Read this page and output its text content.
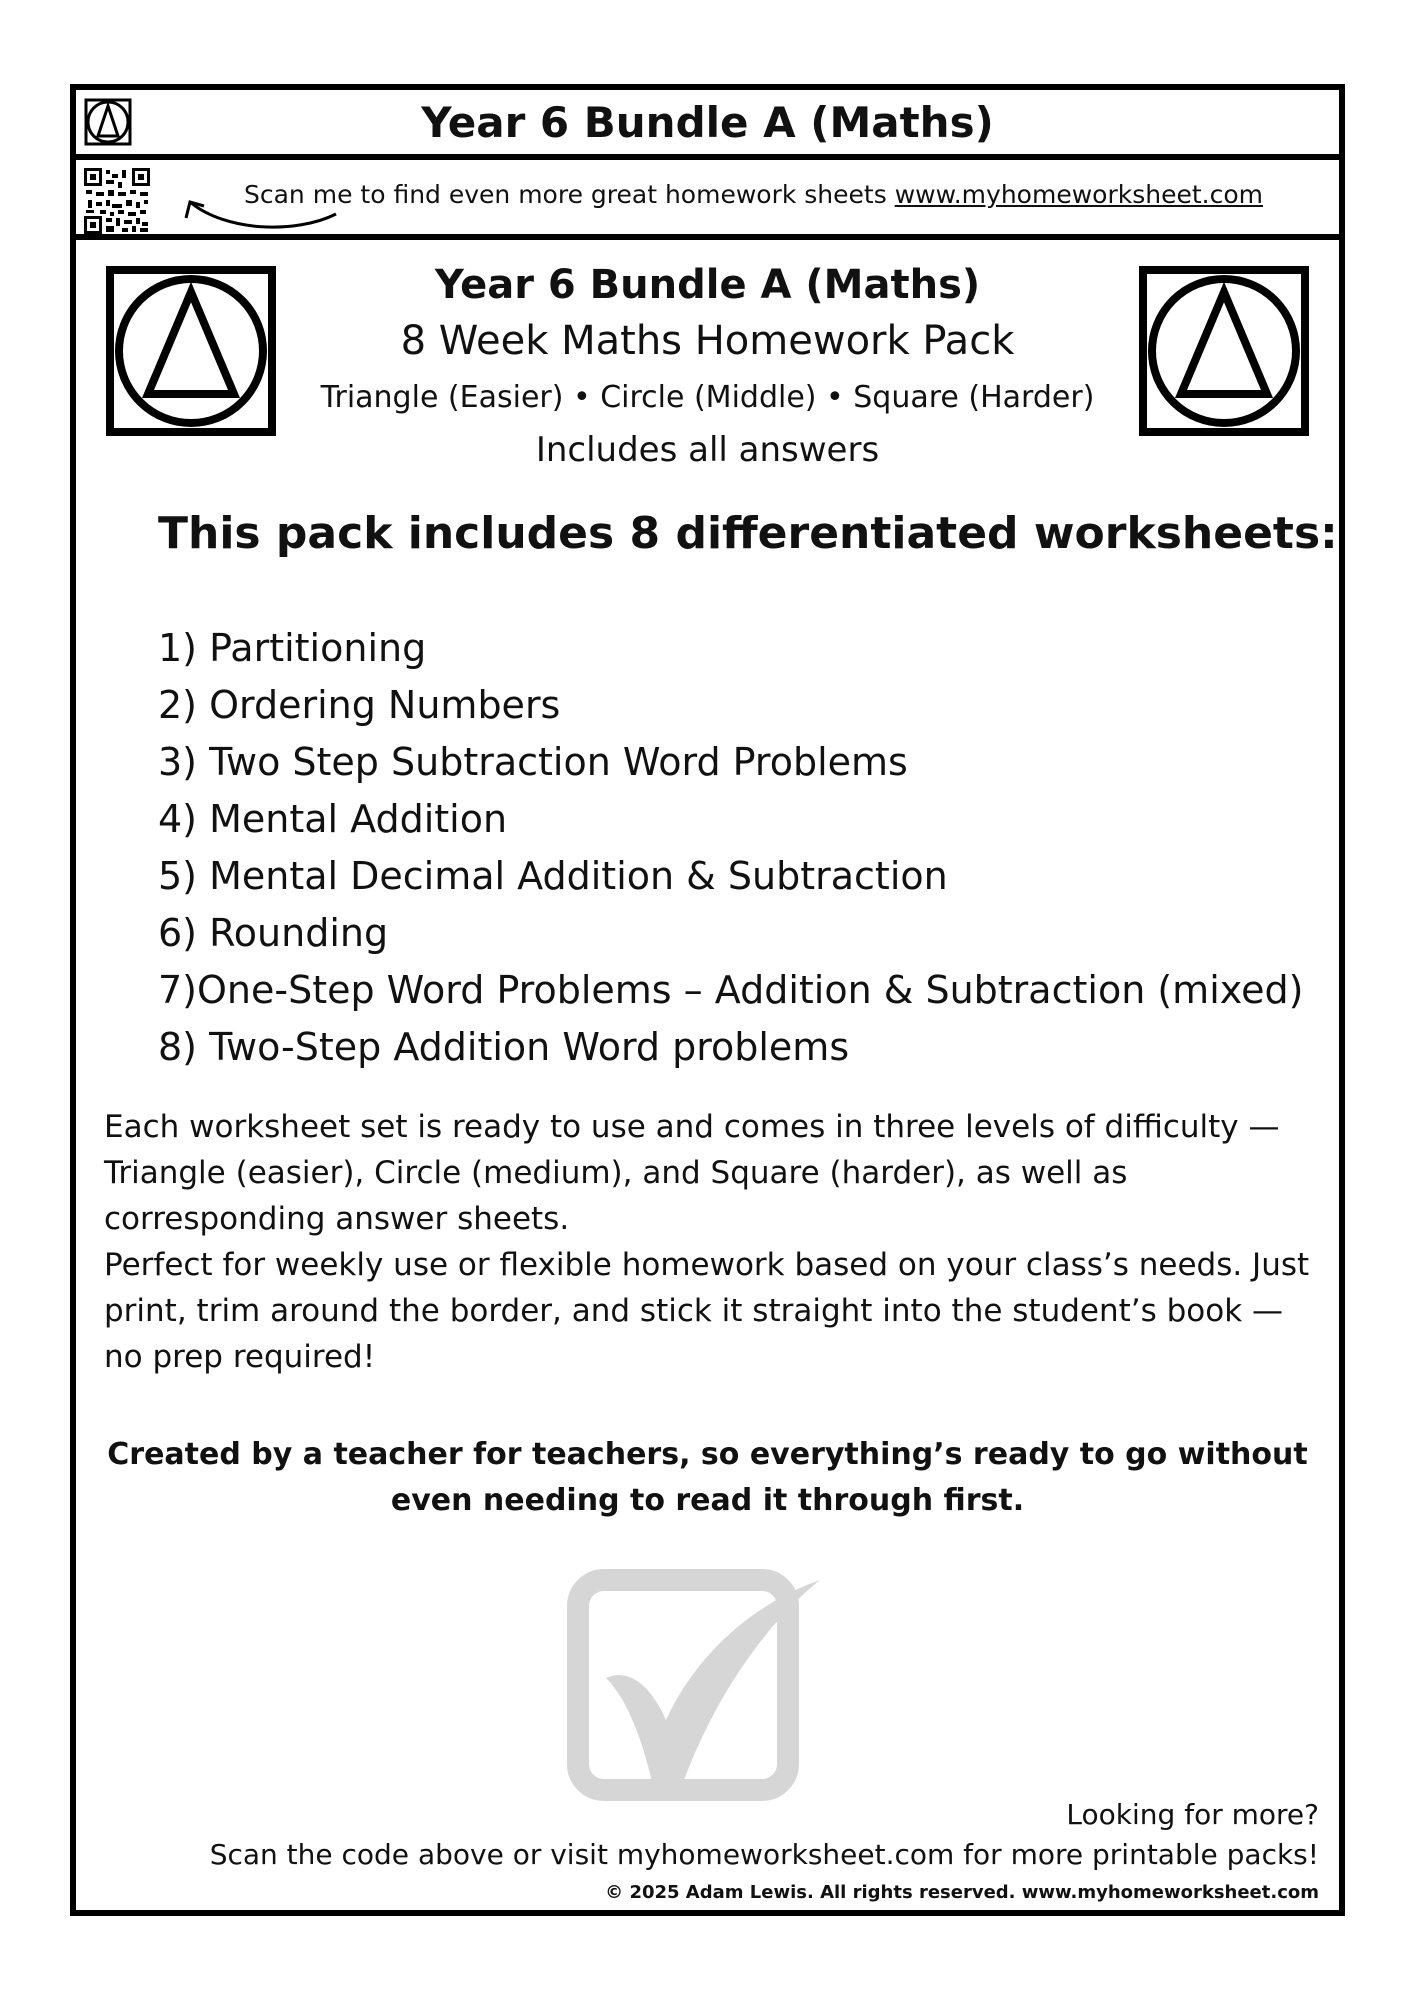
Year 6 Bundle A (Maths)
Scan me to find even more great homework sheets www.myhomeworksheet.com
Year 6 Bundle A (Maths)
8 Week Maths Homework Pack
Triangle (Easier) • Circle (Middle) • Square (Harder)
Includes all answers
This pack includes 8 differentiated worksheets:
1) Partitioning
2) Ordering Numbers
3) Two Step Subtraction Word Problems
4) Mental Addition
5) Mental Decimal Addition & Subtraction
6) Rounding
7)One-Step Word Problems – Addition & Subtraction (mixed)
8) Two-Step Addition Word problems

Each worksheet set is ready to use and comes in three levels of difficulty — Triangle (easier), Circle (medium), and Square (harder), as well as corresponding answer sheets.

Perfect for weekly use or flexible homework based on your class’s needs. Just print, trim around the border, and stick it straight into the student’s book — no prep required!

Created by a teacher for teachers, so everything’s ready to go without even needing to read it through first.
Looking for more?
Scan the code above or visit myhomeworksheet.com for more printable packs!
© 2025 Adam Lewis. All rights reserved. www.myhomeworksheet.com
